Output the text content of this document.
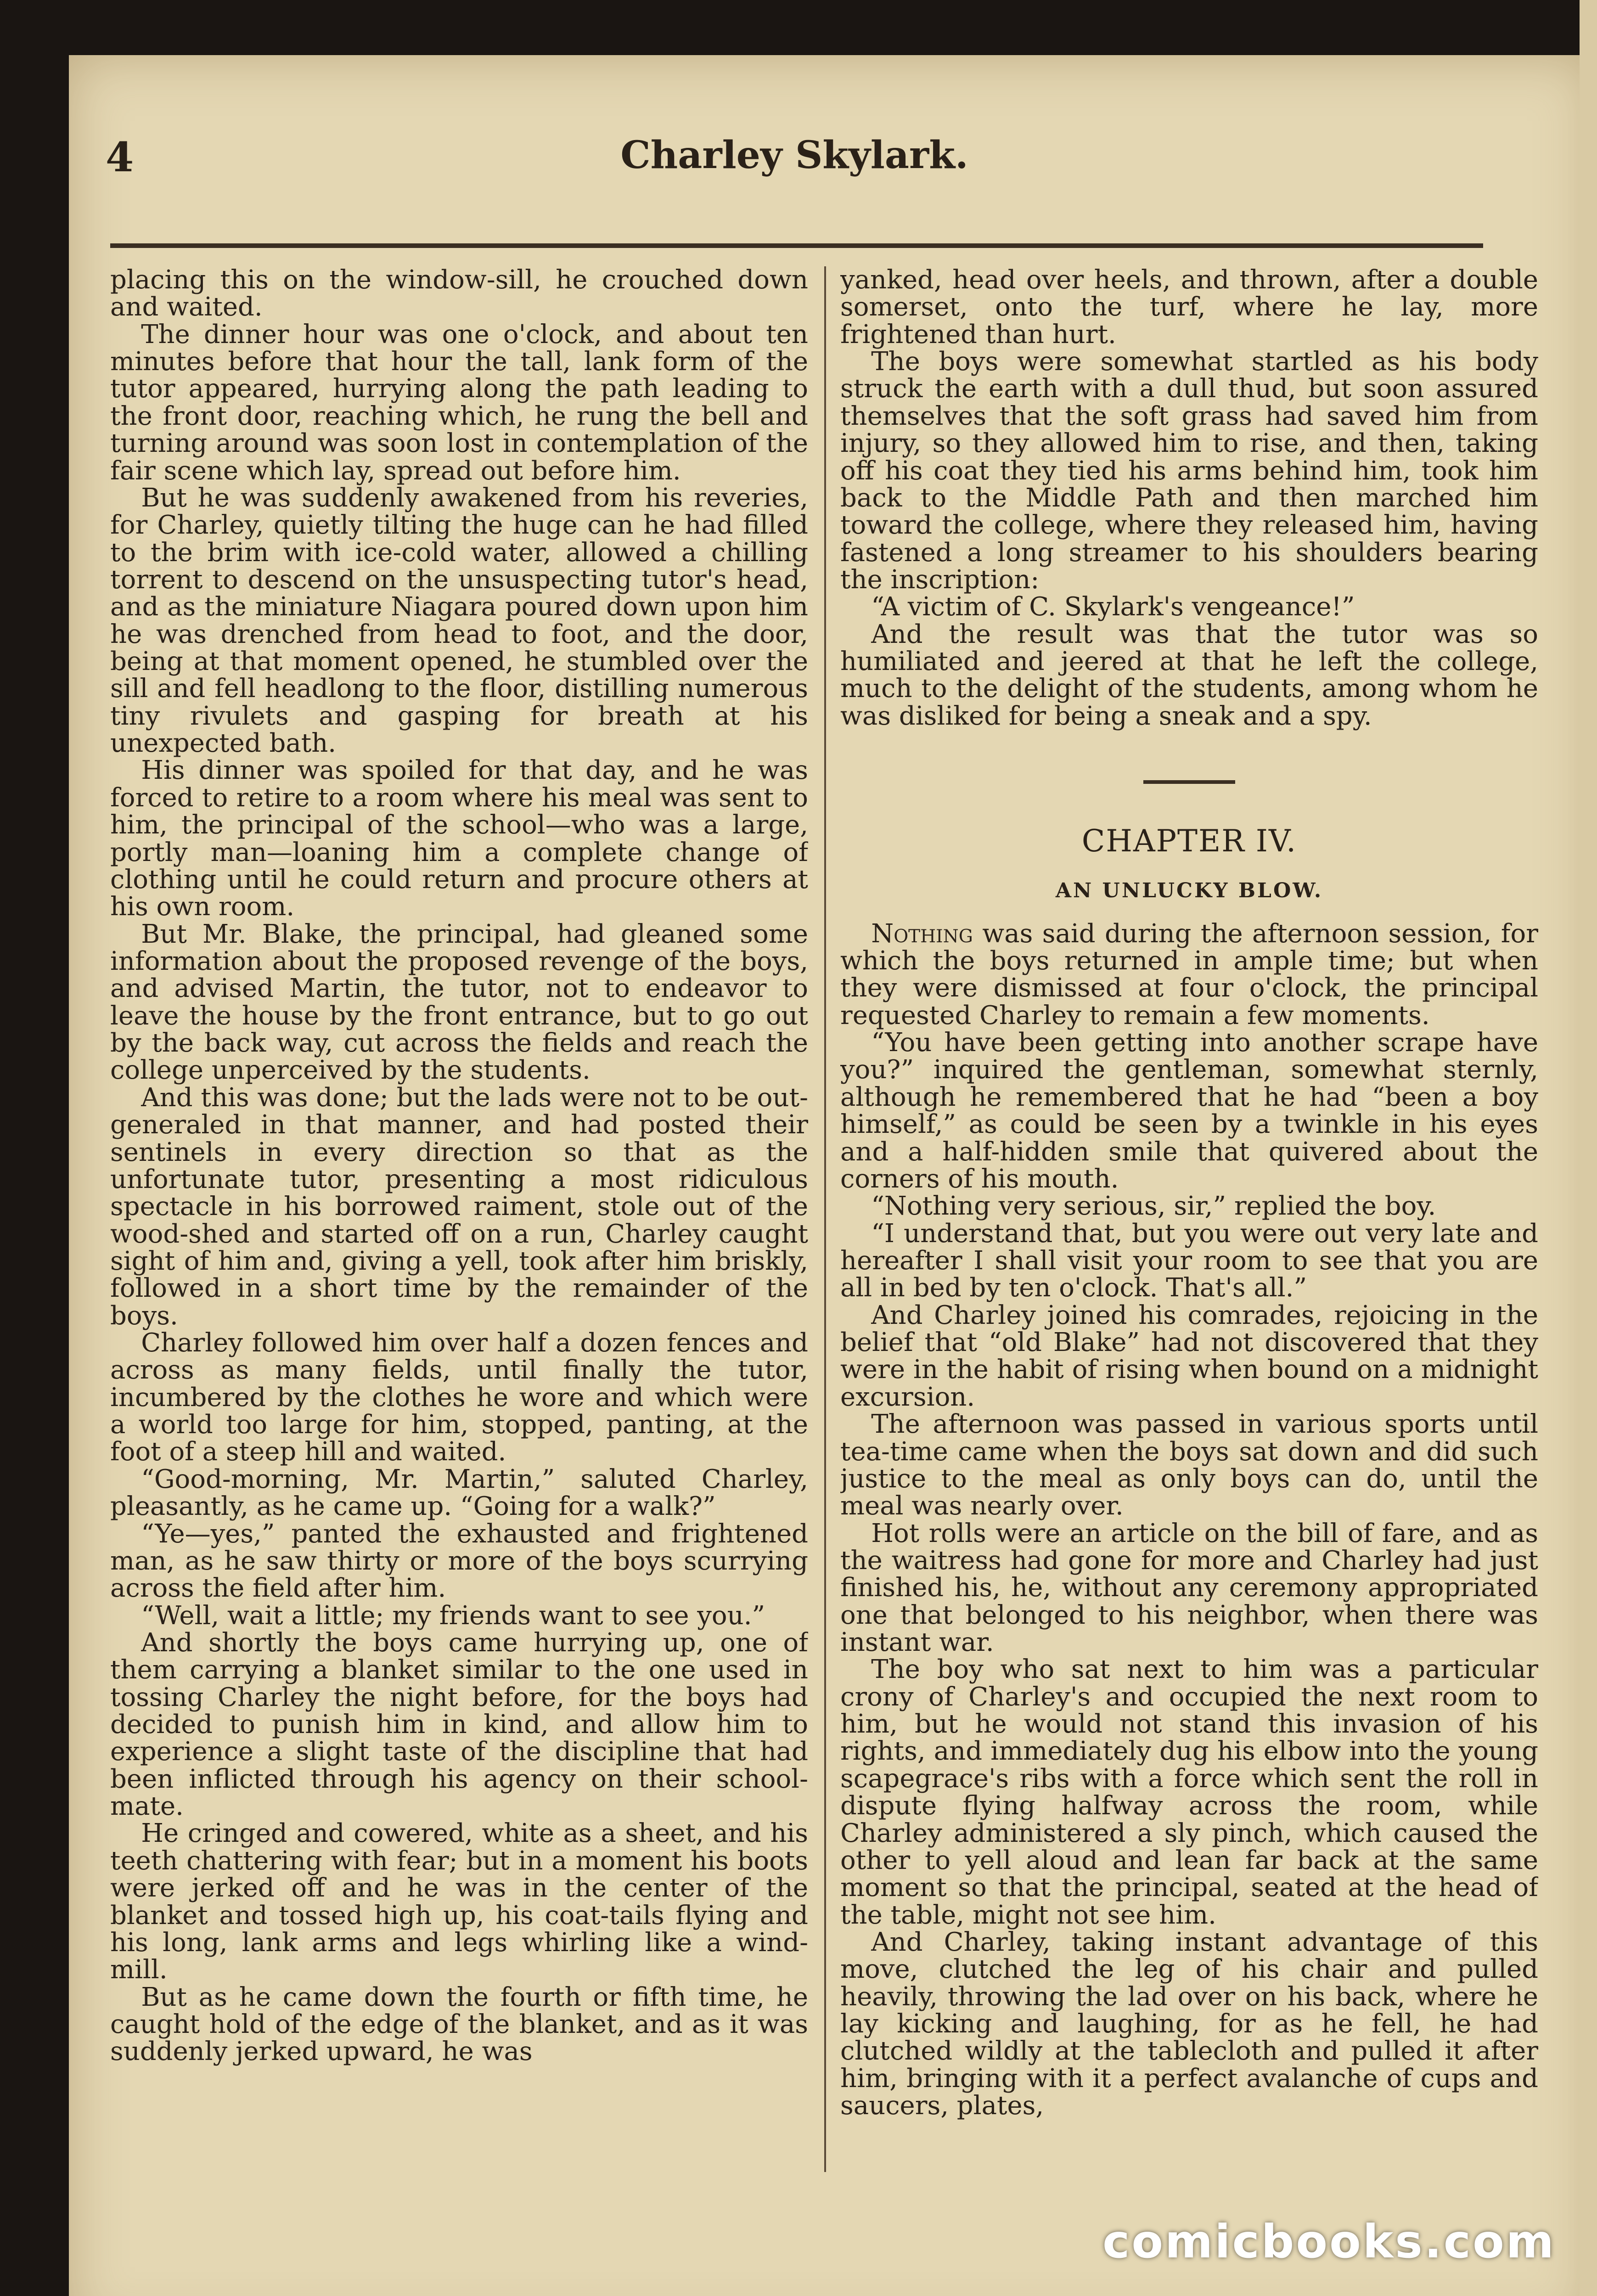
4	Charley Skylark.

placing this on the window-sill, he crouched down and waited.

The dinner hour was one o'clock, and about ten minutes before that hour the tall, lank form of the tutor appeared, hurrying along the path leading to the front door, reaching which, he rung the bell and turning around was soon lost in contemplation of the fair scene which lay, spread out before him.

But he was suddenly awakened from his reveries, for Charley, quietly tilting the huge can he had filled to the brim with ice-cold water, allowed a chilling torrent to descend on the unsuspecting tutor's head, and as the miniature Niagara poured down upon him he was drenched from head to foot, and the door, being at that moment opened, he stumbled over the sill and fell headlong to the floor, distilling numerous tiny rivulets and gasping for breath at his unexpected bath.

His dinner was spoiled for that day, and he was forced to retire to a room where his meal was sent to him, the principal of the school—who was a large, portly man—loaning him a complete change of clothing until he could return and procure others at his own room.

But Mr. Blake, the principal, had gleaned some information about the proposed revenge of the boys, and advised Martin, the tutor, not to endeavor to leave the house by the front entrance, but to go out by the back way, cut across the fields and reach the college unperceived by the students.

And this was done; but the lads were not to be out-generaled in that manner, and had posted their sentinels in every direction so that as the unfortunate tutor, presenting a most ridiculous spectacle in his borrowed raiment, stole out of the wood-shed and started off on a run, Charley caught sight of him and, giving a yell, took after him briskly, followed in a short time by the remainder of the boys.

Charley followed him over half a dozen fences and across as many fields, until finally the tutor, incumbered by the clothes he wore and which were a world too large for him, stopped, panting, at the foot of a steep hill and waited.

“Good-morning, Mr. Martin,” saluted Charley, pleasantly, as he came up. “Going for a walk?”

“Ye—yes,” panted the exhausted and frightened man, as he saw thirty or more of the boys scurrying across the field after him.

“Well, wait a little; my friends want to see you.”

And shortly the boys came hurrying up, one of them carrying a blanket similar to the one used in tossing Charley the night before, for the boys had decided to punish him in kind, and allow him to experience a slight taste of the discipline that had been inflicted through his agency on their school-mate.

He cringed and cowered, white as a sheet, and his teeth chattering with fear; but in a moment his boots were jerked off and he was in the center of the blanket and tossed high up, his coat-tails flying and his long, lank arms and legs whirling like a wind-mill.

But as he came down the fourth or fifth time, he caught hold of the edge of the blanket, and as it was suddenly jerked upward, he was

yanked, head over heels, and thrown, after a double somerset, onto the turf, where he lay, more frightened than hurt.

The boys were somewhat startled as his body struck the earth with a dull thud, but soon assured themselves that the soft grass had saved him from injury, so they allowed him to rise, and then, taking off his coat they tied his arms behind him, took him back to the Middle Path and then marched him toward the college, where they released him, having fastened a long streamer to his shoulders bearing the inscription:

“A victim of C. Skylark's vengeance!”

And the result was that the tutor was so humiliated and jeered at that he left the college, much to the delight of the students, among whom he was disliked for being a sneak and a spy.

CHAPTER IV.
AN UNLUCKY BLOW.

Nothing was said during the afternoon session, for which the boys returned in ample time; but when they were dismissed at four o'clock, the principal requested Charley to remain a few moments.

“You have been getting into another scrape have you?” inquired the gentleman, somewhat sternly, although he remembered that he had “been a boy himself,” as could be seen by a twinkle in his eyes and a half-hidden smile that quivered about the corners of his mouth.

“Nothing very serious, sir,” replied the boy.

“I understand that, but you were out very late and hereafter I shall visit your room to see that you are all in bed by ten o'clock. That's all.”

And Charley joined his comrades, rejoicing in the belief that “old Blake” had not discovered that they were in the habit of rising when bound on a midnight excursion.

The afternoon was passed in various sports until tea-time came when the boys sat down and did such justice to the meal as only boys can do, until the meal was nearly over.

Hot rolls were an article on the bill of fare, and as the waitress had gone for more and Charley had just finished his, he, without any ceremony appropriated one that belonged to his neighbor, when there was instant war.

The boy who sat next to him was a particular crony of Charley's and occupied the next room to him, but he would not stand this invasion of his rights, and immediately dug his elbow into the young scapegrace's ribs with a force which sent the roll in dispute flying halfway across the room, while Charley administered a sly pinch, which caused the other to yell aloud and lean far back at the same moment so that the principal, seated at the head of the table, might not see him.

And Charley, taking instant advantage of this move, clutched the leg of his chair and pulled heavily, throwing the lad over on his back, where he lay kicking and laughing, for as he fell, he had clutched wildly at the tablecloth and pulled it after him, bringing with it a perfect avalanche of cups and saucers, plates,

comicbooks.com
